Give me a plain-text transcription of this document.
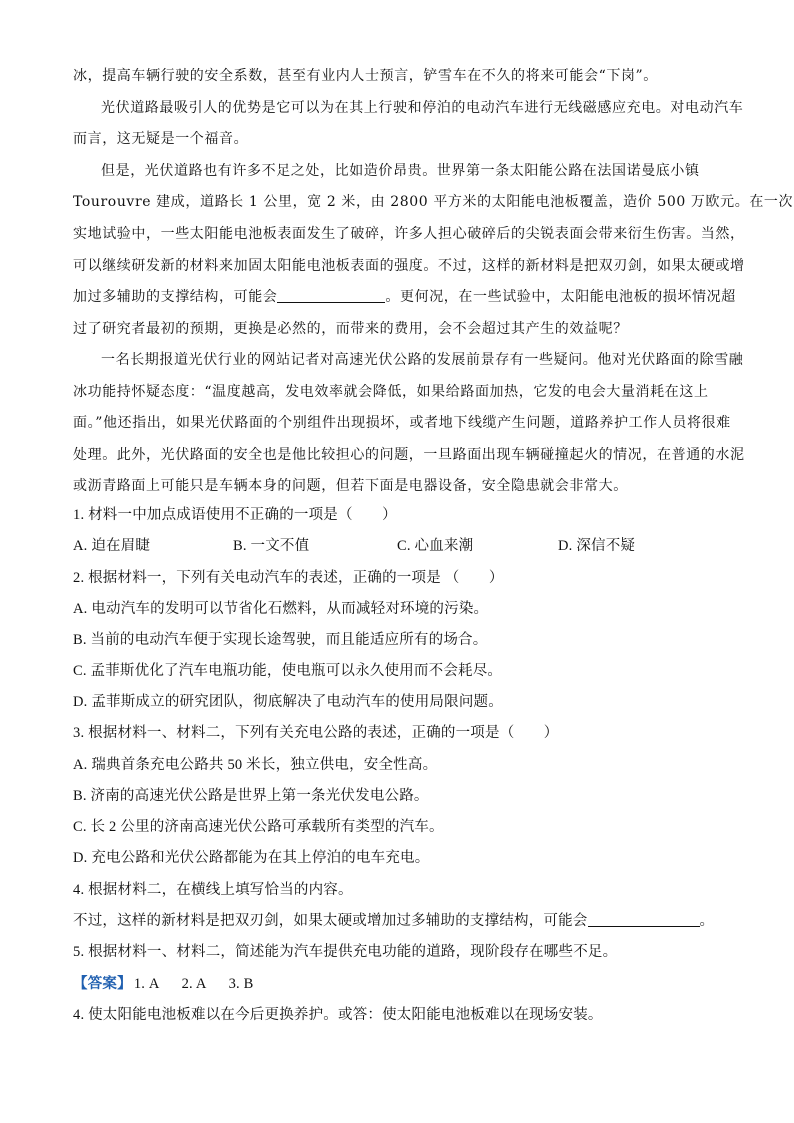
冰，提高车辆行驶的安全系数，甚至有业内人士预言，铲雪车在不久的将来可能会“下岗”。
光伏道路最吸引人的优势是它可以为在其上行驶和停泊的电动汽车进行无线磁感应充电。对电动汽车
而言，这无疑是一个福音。
但是，光伏道路也有许多不足之处，比如造价昂贵。世界第一条太阳能公路在法国诺曼底小镇
Tourouvre 建成，道路长 1 公里，宽 2 米，由 2800 平方米的太阳能电池板覆盖，造价 500 万欧元。在一次
实地试验中，一些太阳能电池板表面发生了破碎，许多人担心破碎后的尖锐表面会带来衍生伤害。当然，
可以继续研发新的材料来加固太阳能电池板表面的强度。不过，这样的新材料是把双刃剑，如果太硬或增
加过多辅助的支撑结构，可能会	。更何况，在一些试验中，太阳能电池板的损坏情况超
过了研究者最初的预期，更换是必然的，而带来的费用，会不会超过其产生的效益呢？
一名长期报道光伏行业的网站记者对高速光伏公路的发展前景存有一些疑问。他对光伏路面的除雪融
冰功能持怀疑态度：“温度越高，发电效率就会降低，如果给路面加热，它发的电会大量消耗在这上
面。”他还指出，如果光伏路面的个别组件出现损坏，或者地下线缆产生问题，道路养护工作人员将很难
处理。此外，光伏路面的安全也是他比较担心的问题，一旦路面出现车辆碰撞起火的情况，在普通的水泥
或沥青路面上可能只是车辆本身的问题，但若下面是电器设备，安全隐患就会非常大。
1. 材料一中加点成语使用不正确的一项是（　　）
A. 迫在眉睫	B. 一文不值	C. 心血来潮	D. 深信不疑
2. 根据材料一，下列有关电动汽车的表述，正确的一项是 （　　）
A. 电动汽车的发明可以节省化石燃料，从而减轻对环境的污染。
B. 当前的电动汽车便于实现长途驾驶，而且能适应所有的场合。
C. 孟菲斯优化了汽车电瓶功能，使电瓶可以永久使用而不会耗尽。
D. 孟菲斯成立的研究团队，彻底解决了电动汽车的使用局限问题。
3. 根据材料一、材料二，下列有关充电公路的表述，正确的一项是（　　）
A. 瑞典首条充电公路共 50 米长，独立供电，安全性高。
B. 济南的高速光伏公路是世界上第一条光伏发电公路。
C. 长 2 公里的济南高速光伏公路可承载所有类型的汽车。
D. 充电公路和光伏公路都能为在其上停泊的电车充电。
4. 根据材料二，在横线上填写恰当的内容。
不过，这样的新材料是把双刃剑，如果太硬或增加过多辅助的支撑结构，可能会	。
5. 根据材料一、材料二，简述能为汽车提供充电功能的道路，现阶段存在哪些不足。
【答案】 1. A 2. A 3. B
4. 使太阳能电池板难以在今后更换养护。或答：使太阳能电池板难以在现场安装。
